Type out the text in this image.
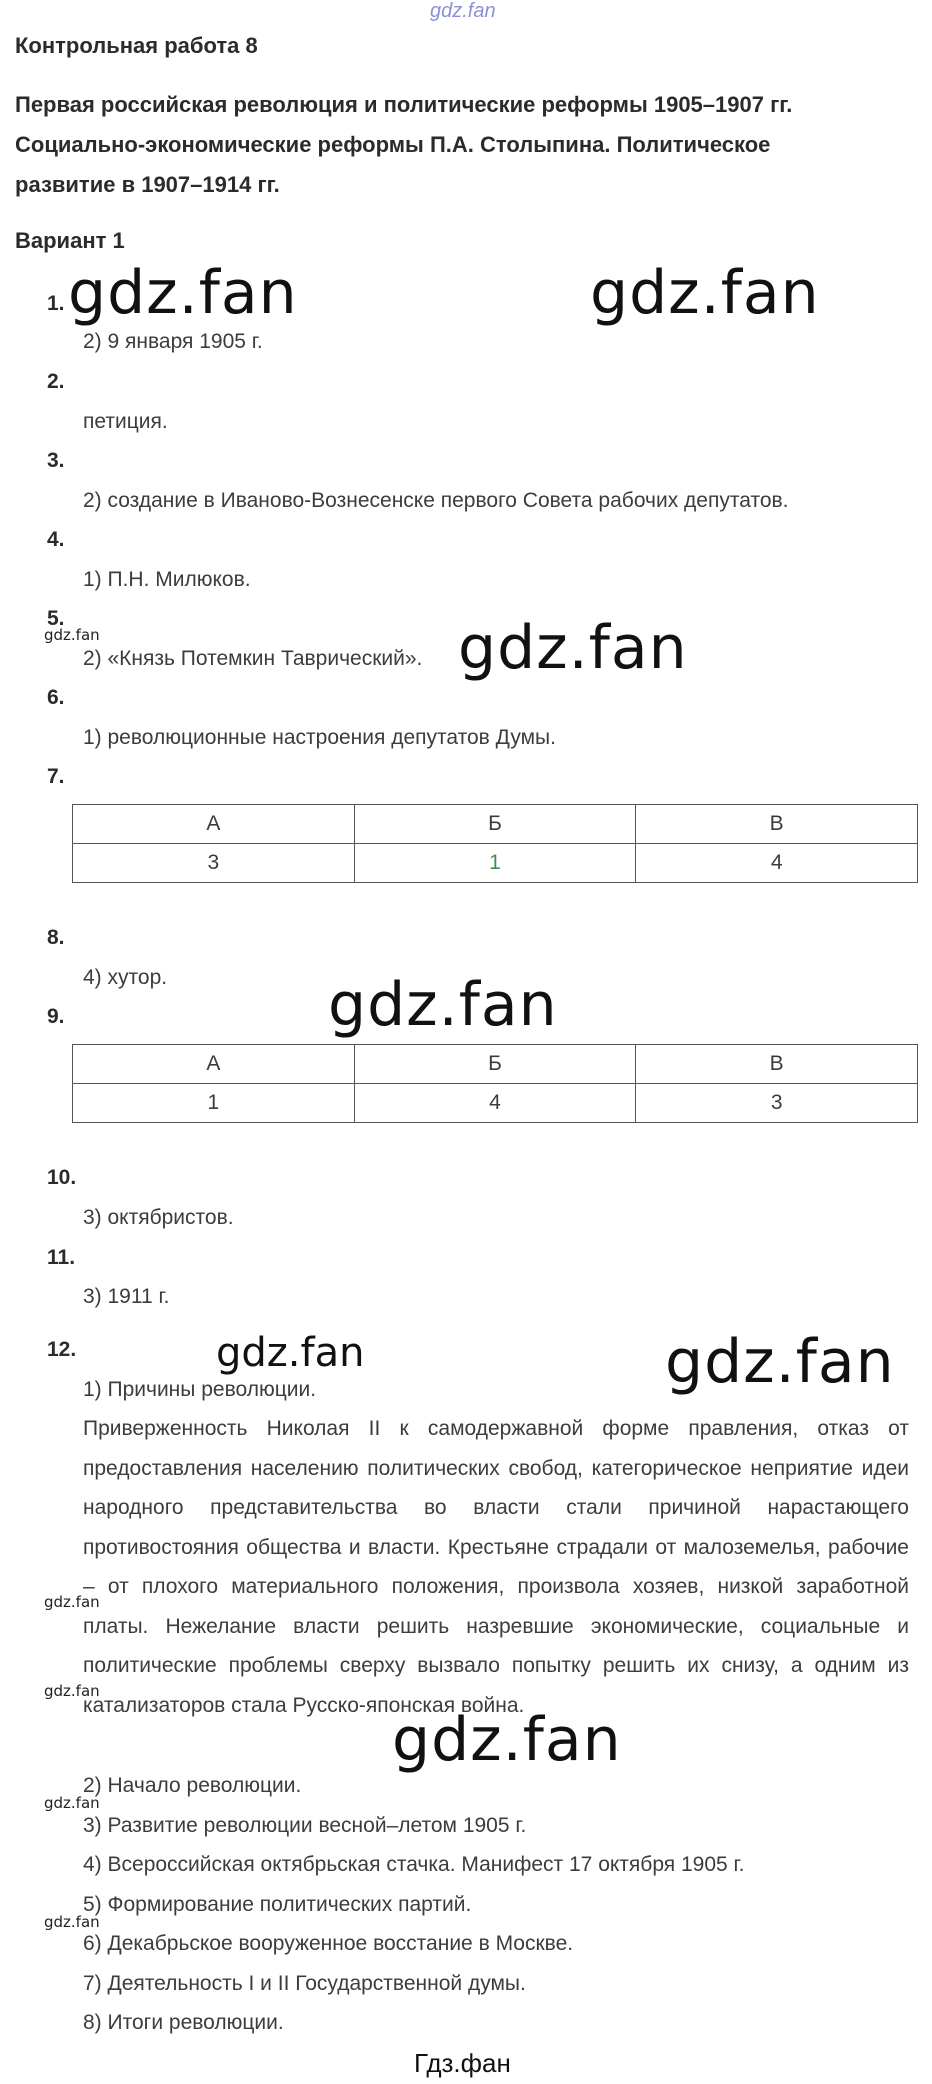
gdz.fan
Контрольная работа 8
Первая российская революция и политические реформы 1905–1907 гг.
Социально-экономические реформы П.А. Столыпина. Политическое
развитие в 1907–1914 гг.
Вариант 1
1.
2) 9 января 1905 г.
2.
петиция.
3.
2) создание в Иваново-Вознесенске первого Совета рабочих депутатов.
4.
1) П.Н. Милюков.
5.
2) «Князь Потемкин Таврический».
6.
1) революционные настроения депутатов Думы.
7.
А	Б	В
3	1	4
8.
4) хутор.
9.
А	Б	В
1	4	3
10.
3) октябристов.
11.
3) 1911 г.
12.
1) Причины революции.
Приверженность Николая II к самодержавной форме правления, отказ от предоставления населению политических свобод, категорическое неприятие идеи народного представительства во власти стали причиной нарастающего противостояния общества и власти. Крестьяне страдали от малоземелья, рабочие – от плохого материального положения, произвола хозяев, низкой заработной платы. Нежелание власти решить назревшие экономические, социальные и политические проблемы сверху вызвало попытку решить их снизу, а одним из катализаторов стала Русско-японская война.
2) Начало революции.
3) Развитие революции весной–летом 1905 г.
4) Всероссийская октябрьская стачка. Манифест 17 октября 1905 г.
5) Формирование политических партий.
6) Декабрьское вооруженное восстание в Москве.
7) Деятельность I и II Государственной думы.
8) Итоги революции.
gdz.fan	gdz.fan
gdz.fan
gdz.fan
gdz.fan	gdz.fan
gdz.fan
gdz.fan
gdz.fan
gdz.fan
gdz.fan
gdz.fan
Гдз.фан
